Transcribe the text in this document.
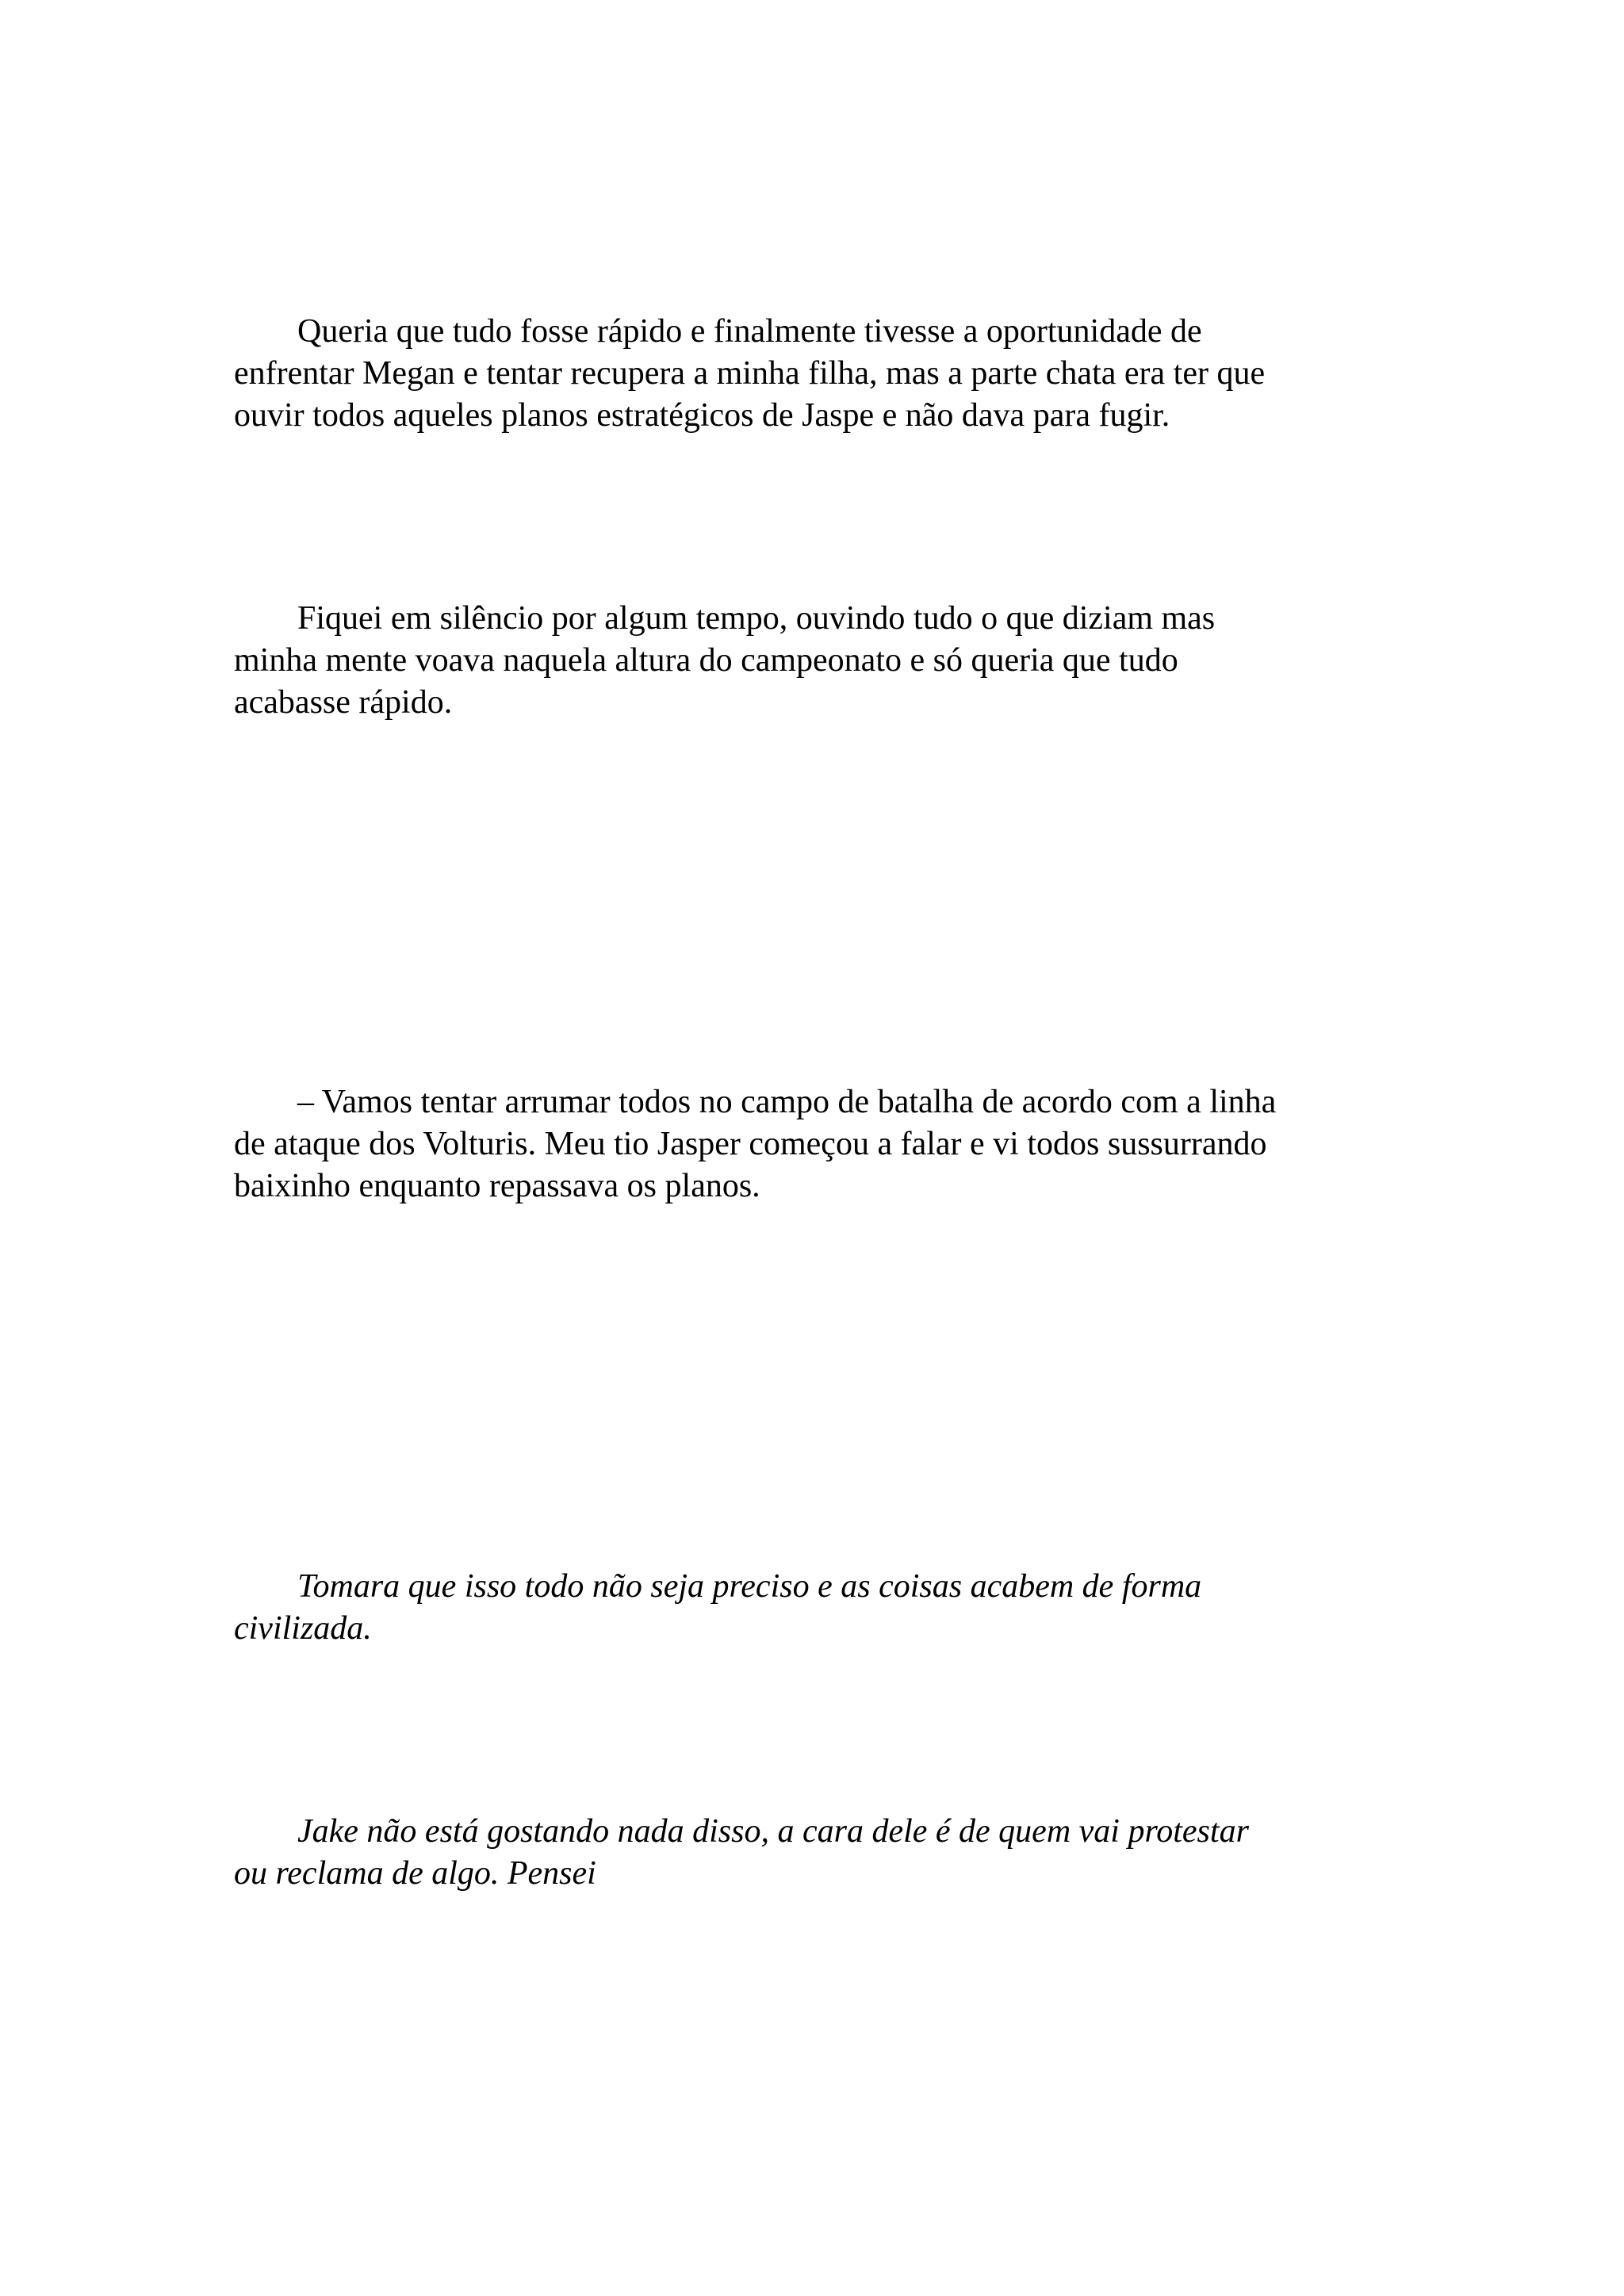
Queria que tudo fosse rápido e finalmente tivesse a oportunidade de
enfrentar Megan e tentar recupera a minha filha, mas a parte chata era ter que
ouvir todos aqueles planos estratégicos de Jaspe e não dava para fugir.

Fiquei em silêncio por algum tempo, ouvindo tudo o que diziam mas
minha mente voava naquela altura do campeonato e só queria que tudo
acabasse rápido.

– Vamos tentar arrumar todos no campo de batalha de acordo com a linha
de ataque dos Volturis. Meu tio Jasper começou a falar e vi todos sussurrando
baixinho enquanto repassava os planos.

Tomara que isso todo não seja preciso e as coisas acabem de forma
civilizada.

Jake não está gostando nada disso, a cara dele é de quem vai protestar
ou reclama de algo. Pensei
